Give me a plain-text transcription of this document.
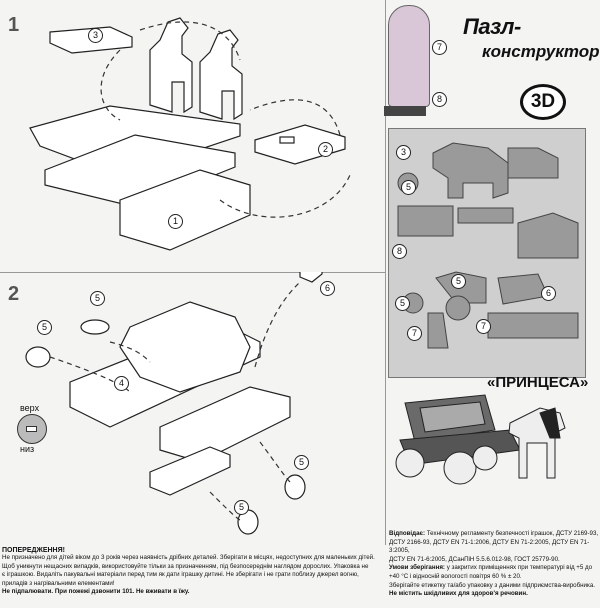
1
2
3
2
1
5
5
4
6
5
5
верх
низ
7
8
Пазл-
конструктор
3D
3
5
8
5
7
6
5
7
«ПРИНЦЕСА»
ПОПЕРЕДЖЕННЯ!
Не призначено для дітей віком до 3 років через наявність дрібних деталей. Зберігати в місцях, недоступних для маленьких дітей.
Щоб уникнути нещасних випадків, використовуйте тільки за призначенням, під безпосереднім наглядом дорослих. Упаковка не
є іграшкою. Видаліть пакувальні матеріали перед тим як дати іграшку дитині. Не зберігати і не грати поблизу джерел вогню,
приладів з нагрівальними елементами!
Не підпалювати. При пожежі дзвонити 101. Не вживати в їжу.
Відповідає: Технічному регламенту безпечності іграшок, ДСТУ 2169-93,
ДСТУ 2166-93, ДСТУ EN 71-1:2006, ДСТУ EN 71-2:2005, ДСТУ EN 71-3:2005,
ДСТУ EN 71-6:2005, ДСанПіН 5.5.6.012-98, ГОСТ 25779-90.
Умови зберігання: у закритих приміщеннях при температурі від +5 до
+40 °С і відносній вологості повітря 60 % ± 20.
Зберігайте етикетку та/або упаковку з даними підприємства-виробника.
Не містить шкідливих для здоров'я речовин.
